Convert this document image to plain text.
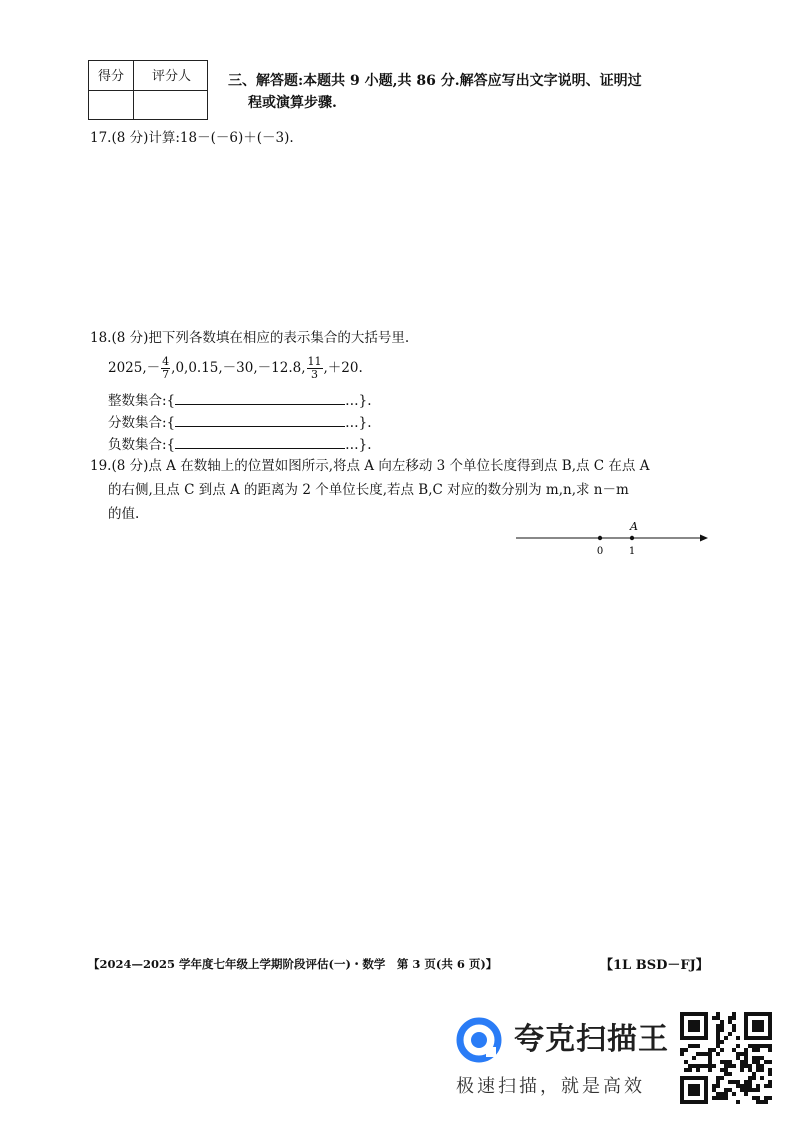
得分	评分人	三、解答题:本题共 9 小题,共 86 分.解答应写出文字说明、证明过
程或演算步骤.
17.(8 分)计算:18－(－6)＋(－3).
18.(8 分)把下列各数填在相应的表示集合的大括号里.
$2025,- \frac{4}{7} ,0,0.15,-30,-12.8$, $\frac{11}{3} ,+20$.
整数集合:{	…}.
分数集合:{	…}.
负数集合:{	…}.
19.(8 分)点 A 在数轴上的位置如图所示,将点 A 向左移动 3 个单位长度得到点 B,点 C 在点 A
的右侧,且点 C 到点 A 的距离为 2 个单位长度,若点 B,C 对应的数分别为 m,n,求 n－m
的值.
0	1
A
【2024—2025 学年度七年级上学期阶段评估(一)・数学　第 3 页(共 6 页)】	【1L BSD－FJ】
夸克扫描王
极速扫描，就是高效
